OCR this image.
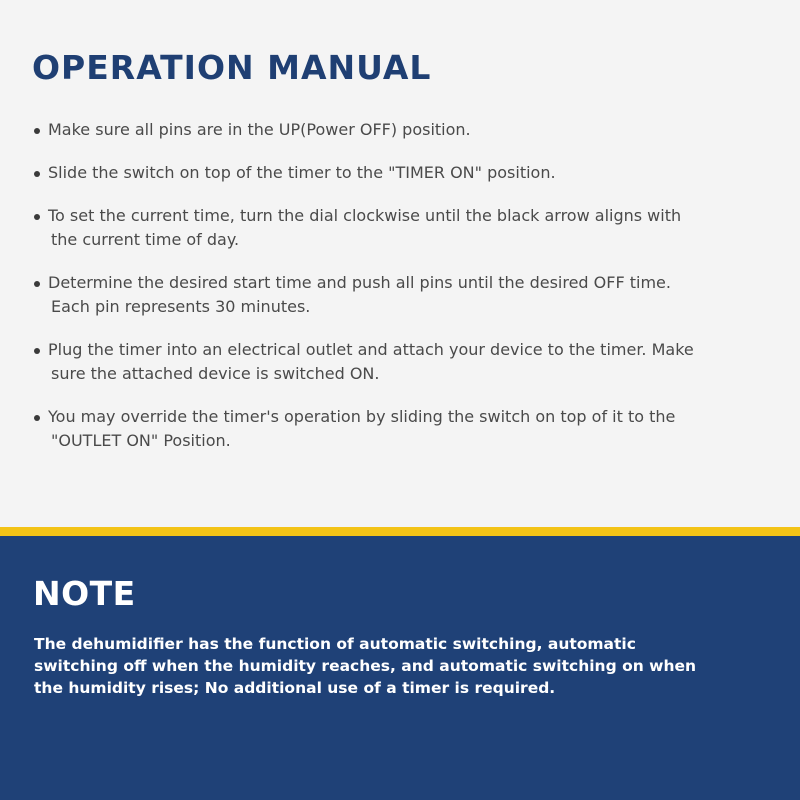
OPERATION MANUAL
Make sure all pins are in the UP(Power OFF) position.
Slide the switch on top of the timer to the "TIMER ON" position.
To set the current time, turn the dial clockwise until the black arrow aligns with
the current time of day.
Determine the desired start time and push all pins until the desired OFF time.
Each pin represents 30 minutes.
Plug the timer into an electrical outlet and attach your device to the timer. Make
sure the attached device is switched ON.
You may override the timer's operation by sliding the switch on top of it to the
"OUTLET ON" Position.
NOTE

The dehumidifier has the function of automatic switching, automatic
switching off when the humidity reaches, and automatic switching on when
the humidity rises; No additional use of a timer is required.
